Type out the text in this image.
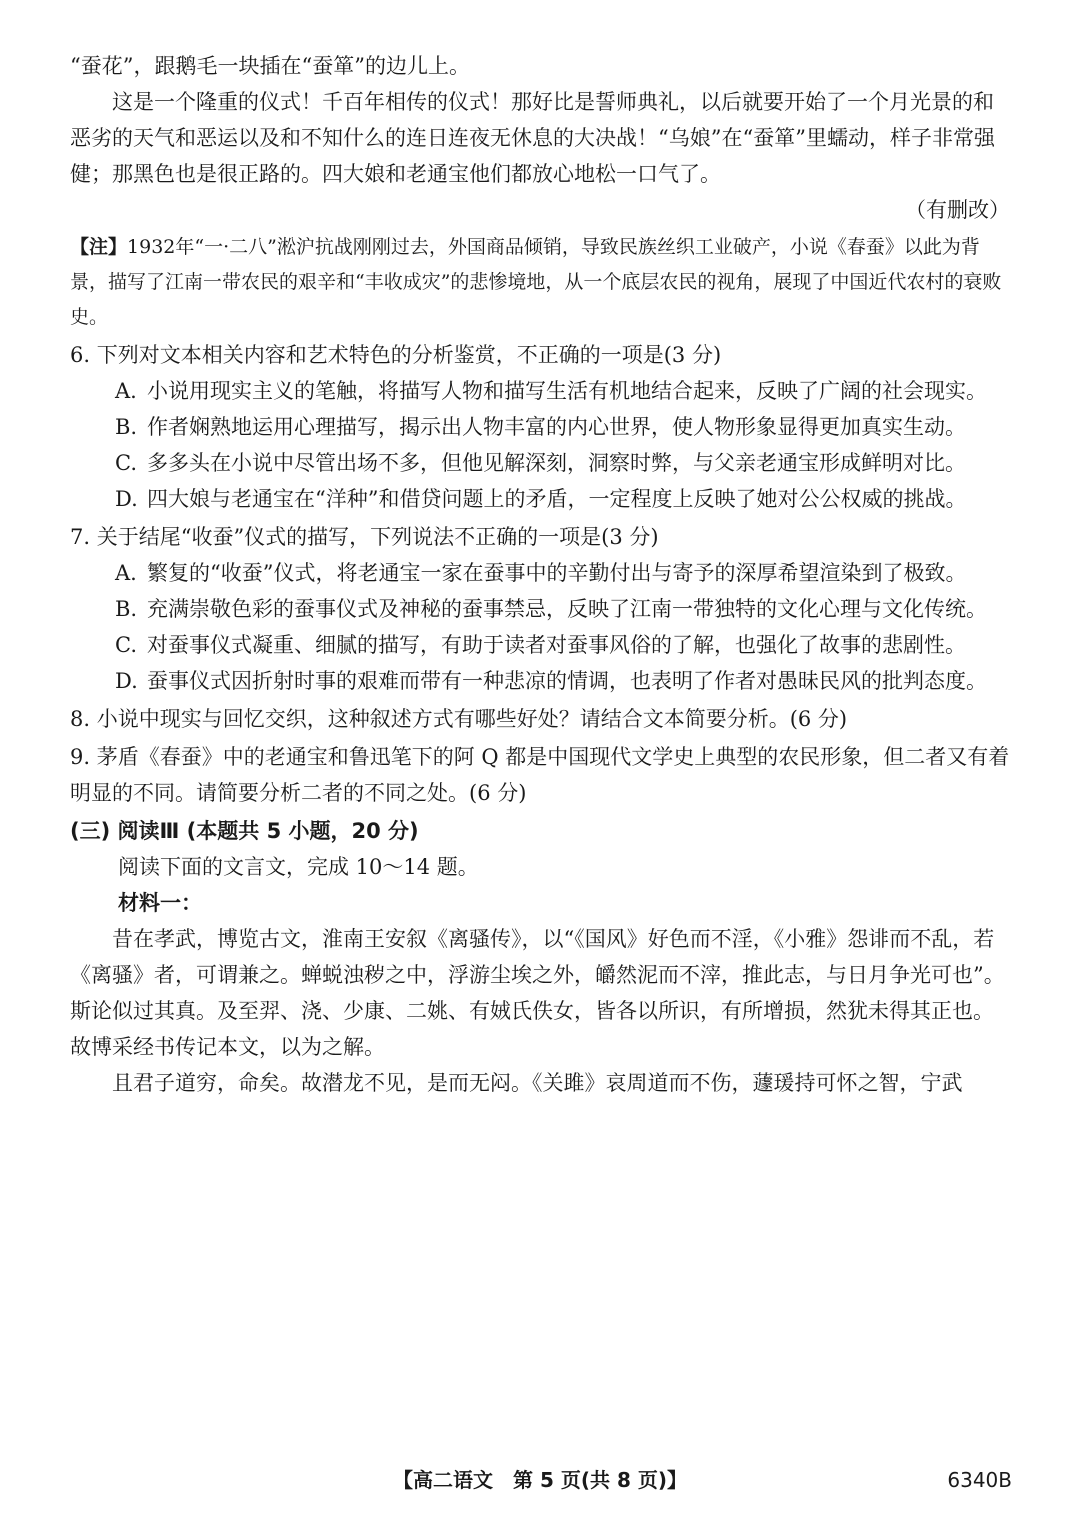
“蚕花”，跟鹅毛一块插在“蚕箪”的边儿上。

这是一个隆重的仪式！千百年相传的仪式！那好比是誓师典礼，以后就要开始了一个月光景的和恶劣的天气和恶运以及和不知什么的连日连夜无休息的大决战！“乌娘”在“蚕箪”里蠕动，样子非常强健；那黑色也是很正路的。四大娘和老通宝他们都放心地松一口气了。

（有删改）

【注】1932年“一·二八”淞沪抗战刚刚过去，外国商品倾销，导致民族丝织工业破产，小说《春蚕》以此为背景，描写了江南一带农民的艰辛和“丰收成灾”的悲惨境地，从一个底层农民的视角，展现了中国近代农村的衰败史。

6. 下列对文本相关内容和艺术特色的分析鉴赏，不正确的一项是(3 分)

A. 小说用现实主义的笔触，将描写人物和描写生活有机地结合起来，反映了广阔的社会现实。

B. 作者娴熟地运用心理描写，揭示出人物丰富的内心世界，使人物形象显得更加真实生动。

C. 多多头在小说中尽管出场不多，但他见解深刻，洞察时弊，与父亲老通宝形成鲜明对比。

D. 四大娘与老通宝在“洋种”和借贷问题上的矛盾，一定程度上反映了她对公公权威的挑战。

7. 关于结尾“收蚕”仪式的描写，下列说法不正确的一项是(3 分)

A. 繁复的“收蚕”仪式，将老通宝一家在蚕事中的辛勤付出与寄予的深厚希望渲染到了极致。

B. 充满崇敬色彩的蚕事仪式及神秘的蚕事禁忌，反映了江南一带独特的文化心理与文化传统。

C. 对蚕事仪式凝重、细腻的描写，有助于读者对蚕事风俗的了解，也强化了故事的悲剧性。

D. 蚕事仪式因折射时事的艰难而带有一种悲凉的情调，也表明了作者对愚昧民风的批判态度。

8. 小说中现实与回忆交织，这种叙述方式有哪些好处？请结合文本简要分析。(6 分)

9. 茅盾《春蚕》中的老通宝和鲁迅笔下的阿 Q 都是中国现代文学史上典型的农民形象，但二者又有着明显的不同。请简要分析二者的不同之处。(6 分)

(三) 阅读Ⅲ (本题共 5 小题，20 分)

阅读下面的文言文，完成 10～14 题。

材料一：

昔在孝武，博览古文，淮南王安叙《离骚传》，以“《国风》好色而不淫，《小雅》怨诽而不乱，若《离骚》者，可谓兼之。蝉蜕浊秽之中，浮游尘埃之外，皭然泥而不滓，推此志，与日月争光可也”。斯论似过其真。及至羿、浇、少康、二姚、有娀氏佚女，皆各以所识，有所增损，然犹未得其正也。故博采经书传记本文，以为之解。

且君子道穷，命矣。故潜龙不见，是而无闷。《关雎》哀周道而不伤，蘧瑗持可怀之智，宁武

【高二语文　第 5 页(共 8 页)】	6340B
